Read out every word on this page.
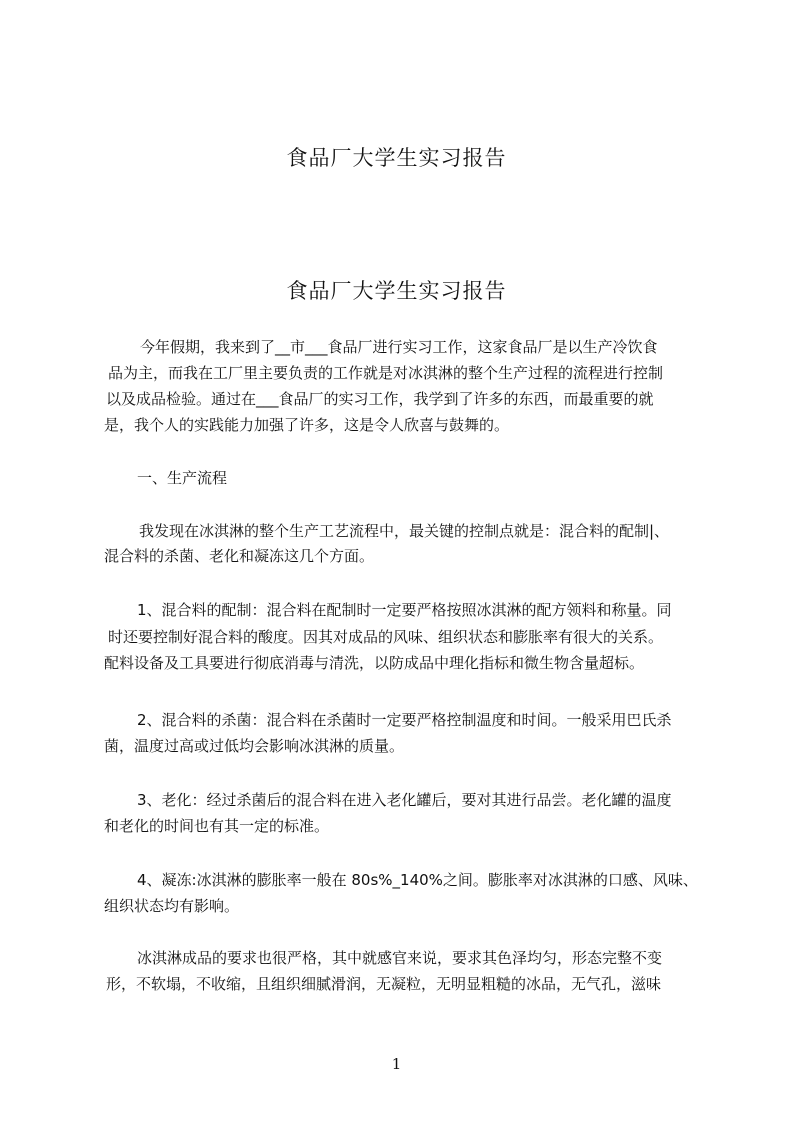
食品厂大学生实习报告
食品厂大学生实习报告
今年假期，我来到了__市___食品厂进行实习工作，这家食品厂是以生产冷饮食
品为主，而我在工厂里主要负责的工作就是对冰淇淋的整个生产过程的流程进行控制
以及成品检验。通过在___食品厂的实习工作，我学到了许多的东西，而最重要的就
是，我个人的实践能力加强了许多，这是令人欣喜与鼓舞的。
一、生产流程
我发现在冰淇淋的整个生产工艺流程中，最关键的控制点就是：混合料的配制|、
混合料的杀菌、老化和凝冻这几个方面。
1、混合料的配制：混合料在配制时一定要严格按照冰淇淋的配方领料和称量。同
时还要控制好混合料的酸度。因其对成品的风味、组织状态和膨胀率有很大的关系。
配料设备及工具要进行彻底消毒与清洗，以防成品中理化指标和微生物含量超标。
2、混合料的杀菌：混合料在杀菌时一定要严格控制温度和时间。一般采用巴氏杀
菌，温度过高或过低均会影响冰淇淋的质量。
3、老化：经过杀菌后的混合料在进入老化罐后，要对其进行品尝。老化罐的温度
和老化的时间也有其一定的标准。
4、凝冻:冰淇淋的膨胀率一般在 80s%_140%之间。膨胀率对冰淇淋的口感、风味、
组织状态均有影响。
冰淇淋成品的要求也很严格，其中就感官来说，要求其色泽均匀，形态完整不变
形，不软塌，不收缩，且组织细腻滑润，无凝粒，无明显粗糙的冰品，无气孔，滋味
1
